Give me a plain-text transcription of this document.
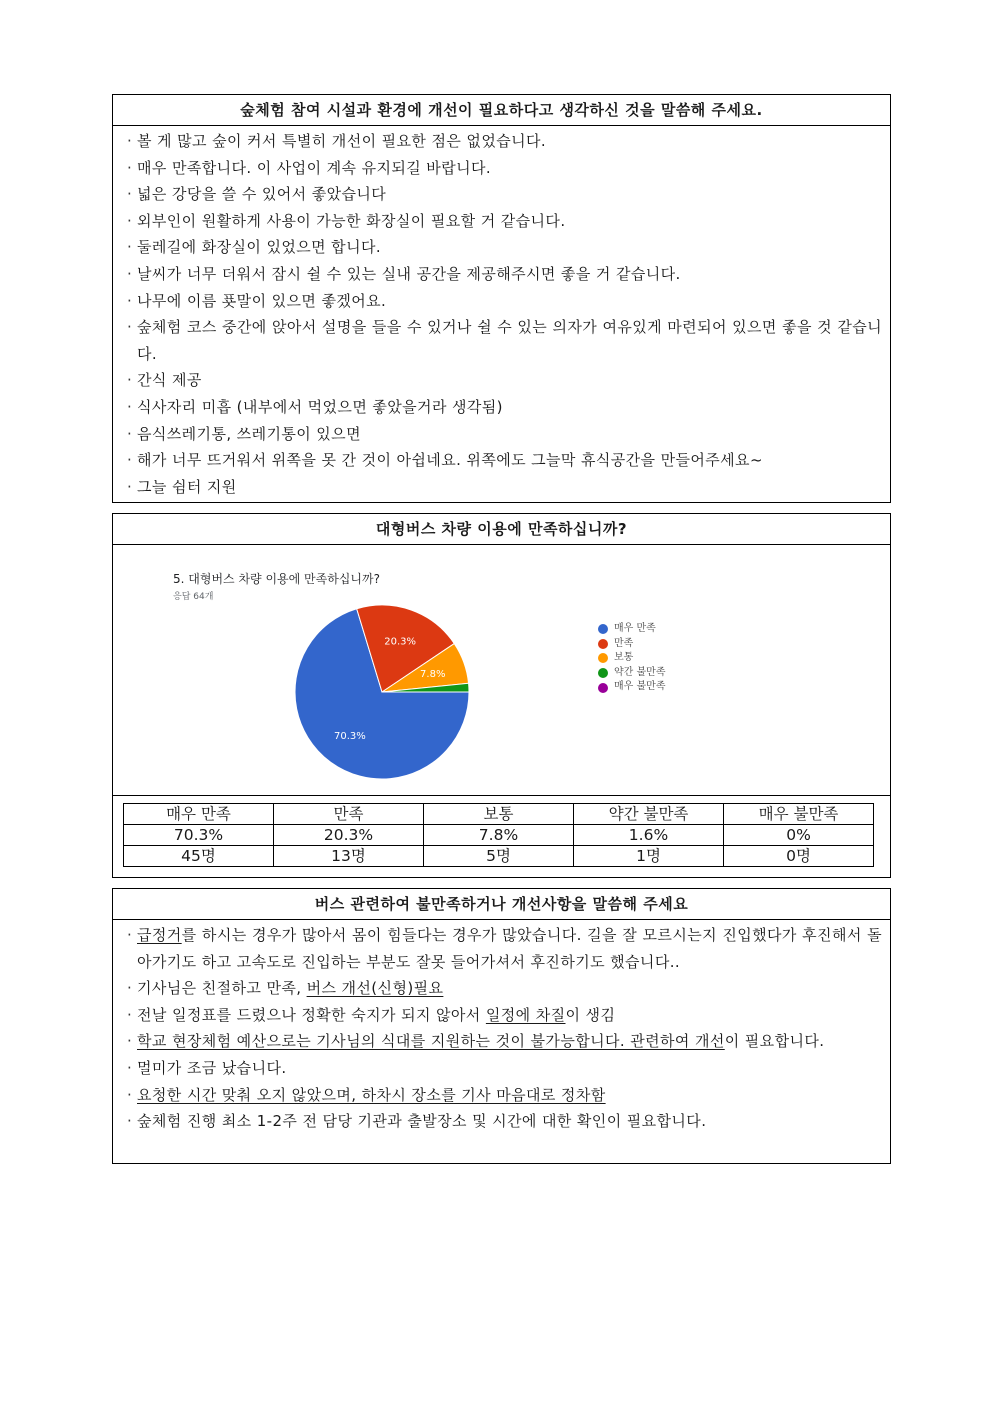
숲체험 참여 시설과 환경에 개선이 필요하다고 생각하신 것을 말씀해 주세요.
· 볼 게 많고 숲이 커서 특별히 개선이 필요한 점은 없었습니다.
· 매우 만족합니다. 이 사업이 계속 유지되길 바랍니다.
· 넓은 강당을 쓸 수 있어서 좋았습니다
· 외부인이 원활하게 사용이 가능한 화장실이 필요할 거 같습니다.
· 둘레길에 화장실이 있었으면 합니다.
· 날씨가 너무 더워서 잠시 쉴 수 있는 실내 공간을 제공해주시면 좋을 거 같습니다.
· 나무에 이름 푯말이 있으면 좋겠어요.
· 숲체험 코스 중간에 앉아서 설명을 들을 수 있거나 쉴 수 있는 의자가 여유있게 마련되어 있으면 좋을 것 같습니다.
· 간식 제공
· 식사자리 미흡 (내부에서 먹었으면 좋았을거라 생각됨)
· 음식쓰레기통, 쓰레기통이 있으면
· 해가 너무 뜨거워서 위쪽을 못 간 것이 아쉽네요. 위쪽에도 그늘막 휴식공간을 만들어주세요~
· 그늘 쉼터 지원
대형버스 차량 이용에 만족하십니까?
5. 대형버스 차량 이용에 만족하십니까?
응답 64개
70.3%
20.3%
7.8%
매우 만족
만족
보통
약간 불만족
매우 불만족
매우 만족	만족	보통	약간 불만족	매우 불만족
70.3%	20.3%	7.8%	1.6%	0%
45명	13명	5명	1명	0명
버스 관련하여 불만족하거나 개선사항을 말씀해 주세요
· 급정거를 하시는 경우가 많아서 몸이 힘들다는 경우가 많았습니다. 길을 잘 모르시는지 진입했다가 후진해서 돌아가기도 하고 고속도로 진입하는 부분도 잘못 들어가셔서 후진하기도 했습니다..
· 기사님은 친절하고 만족, 버스 개선(신형)필요
· 전날 일정표를 드렸으나 정확한 숙지가 되지 않아서 일정에 차질이 생김
· 학교 현장체험 예산으로는 기사님의 식대를 지원하는 것이 불가능합니다. 관련하여 개선이 필요합니다.
· 멀미가 조금 났습니다.
· 요청한 시간 맞춰 오지 않았으며, 하차시 장소를 기사 마음대로 정차함
· 숲체험 진행 최소 1-2주 전 담당 기관과 출발장소 및 시간에 대한 확인이 필요합니다.
